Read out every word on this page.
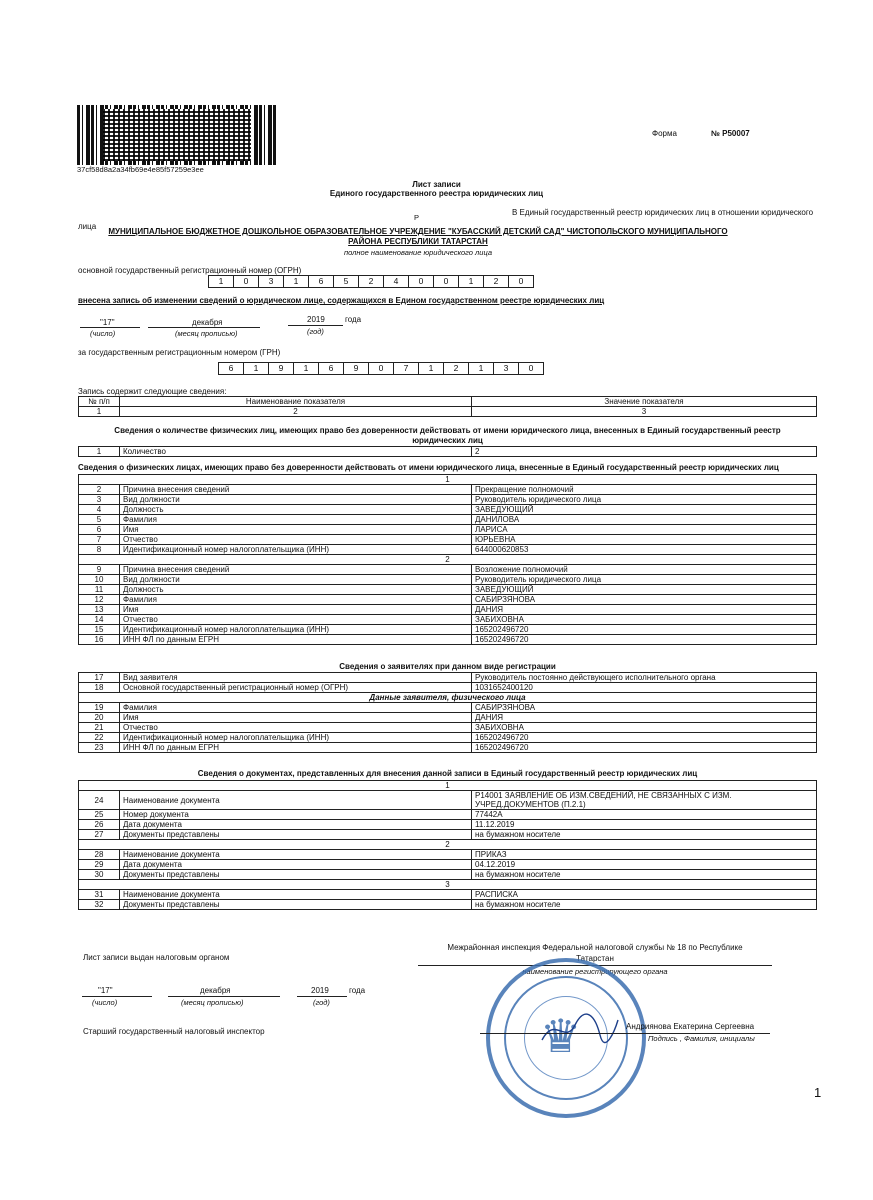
37cf58d8a2a34fb69e4e85f57259e3ee
Форма	№ Р50007
Лист записи
Единого государственного реестра юридических лиц
Р
В Единый государственный реестр юридических лиц в отношении юридического
лица
МУНИЦИПАЛЬНОЕ БЮДЖЕТНОЕ ДОШКОЛЬНОЕ ОБРАЗОВАТЕЛЬНОЕ УЧРЕЖДЕНИЕ "КУБАССКИЙ ДЕТСКИЙ САД" ЧИСТОПОЛЬСКОГО МУНИЦИПАЛЬНОГО
РАЙОНА РЕСПУБЛИКИ ТАТАРСТАН
полное наименование юридического лица
основной государственный регистрационный номер (ОГРН)
1	0	3	1	6	5	2	4	0	0	1	2	0
внесена запись об изменении сведений о юридическом лице, содержащихся в Едином государственном реестре юридических лиц
"17"	декабря	2019	года
(число)	(месяц прописью)	(год)
за государственным регистрационным номером (ГРН)
6	1	9	1	6	9	0	7	1	2	1	3	0
Запись содержит следующие сведения:
№ п/п	Наименование показателя	Значение показателя
1	2	3
Сведения о количестве физических лиц, имеющих право без доверенности действовать от имени юридического лица, внесенных в Единый государственный реестр
юридических лиц
1	Количество	2
Сведения о физических лицах, имеющих право без доверенности действовать от имени юридического лица, внесенные в Единый государственный реестр юридических лиц
1		
2	Причина внесения сведений	Прекращение полномочий
3	Вид должности	Руководитель юридического лица
4	Должность	ЗАВЕДУЮЩИЙ
5	Фамилия	ДАНИЛОВА
6	Имя	ЛАРИСА
7	Отчество	ЮРЬЕВНА
8	Идентификационный номер налогоплательщика (ИНН)	644000620853
2		
9	Причина внесения сведений	Возложение полномочий
10	Вид должности	Руководитель юридического лица
11	Должность	ЗАВЕДУЮЩИЙ
12	Фамилия	САБИРЗЯНОВА
13	Имя	ДАНИЯ
14	Отчество	ЗАБИХОВНА
15	Идентификационный номер налогоплательщика (ИНН)	165202496720
16	ИНН ФЛ по данным ЕГРН	165202496720
Сведения о заявителях при данном виде регистрации
17	Вид заявителя	Руководитель постоянно действующего исполнительного органа
18	Основной государственный регистрационный номер (ОГРН)	1031652400120
Данные заявителя, физического лица		
19	Фамилия	САБИРЗЯНОВА
20	Имя	ДАНИЯ
21	Отчество	ЗАБИХОВНА
22	Идентификационный номер налогоплательщика (ИНН)	165202496720
23	ИНН ФЛ по данным ЕГРН	165202496720
Сведения о документах, представленных для внесения данной записи в Единый государственный реестр юридических лиц
1		
24	Наименование документа	Р14001 ЗАЯВЛЕНИЕ ОБ ИЗМ.СВЕДЕНИЙ, НЕ СВЯЗАННЫХ С ИЗМ.
УЧРЕД.ДОКУМЕНТОВ (П.2.1)

25	Номер документа	77442А
26	Дата документа	11.12.2019
27	Документы представлены	на бумажном носителе
2		
28	Наименование документа	ПРИКАЗ
29	Дата документа	04.12.2019
30	Документы представлены	на бумажном носителе
3		
31	Наименование документа	РАСПИСКА
32	Документы представлены	на бумажном носителе
Лист записи выдан налоговым органом
Межрайонная инспекция Федеральной налоговой службы № 18 по Республике
Татарстан
наименование регистрирующего органа
"17"	декабря	2019	года
(число)	(месяц прописью)	(год)
Старший государственный налоговый инспектор	♛	Андриянова Екатерина Сергеевна
Подпись , Фамилия, инициалы
1
